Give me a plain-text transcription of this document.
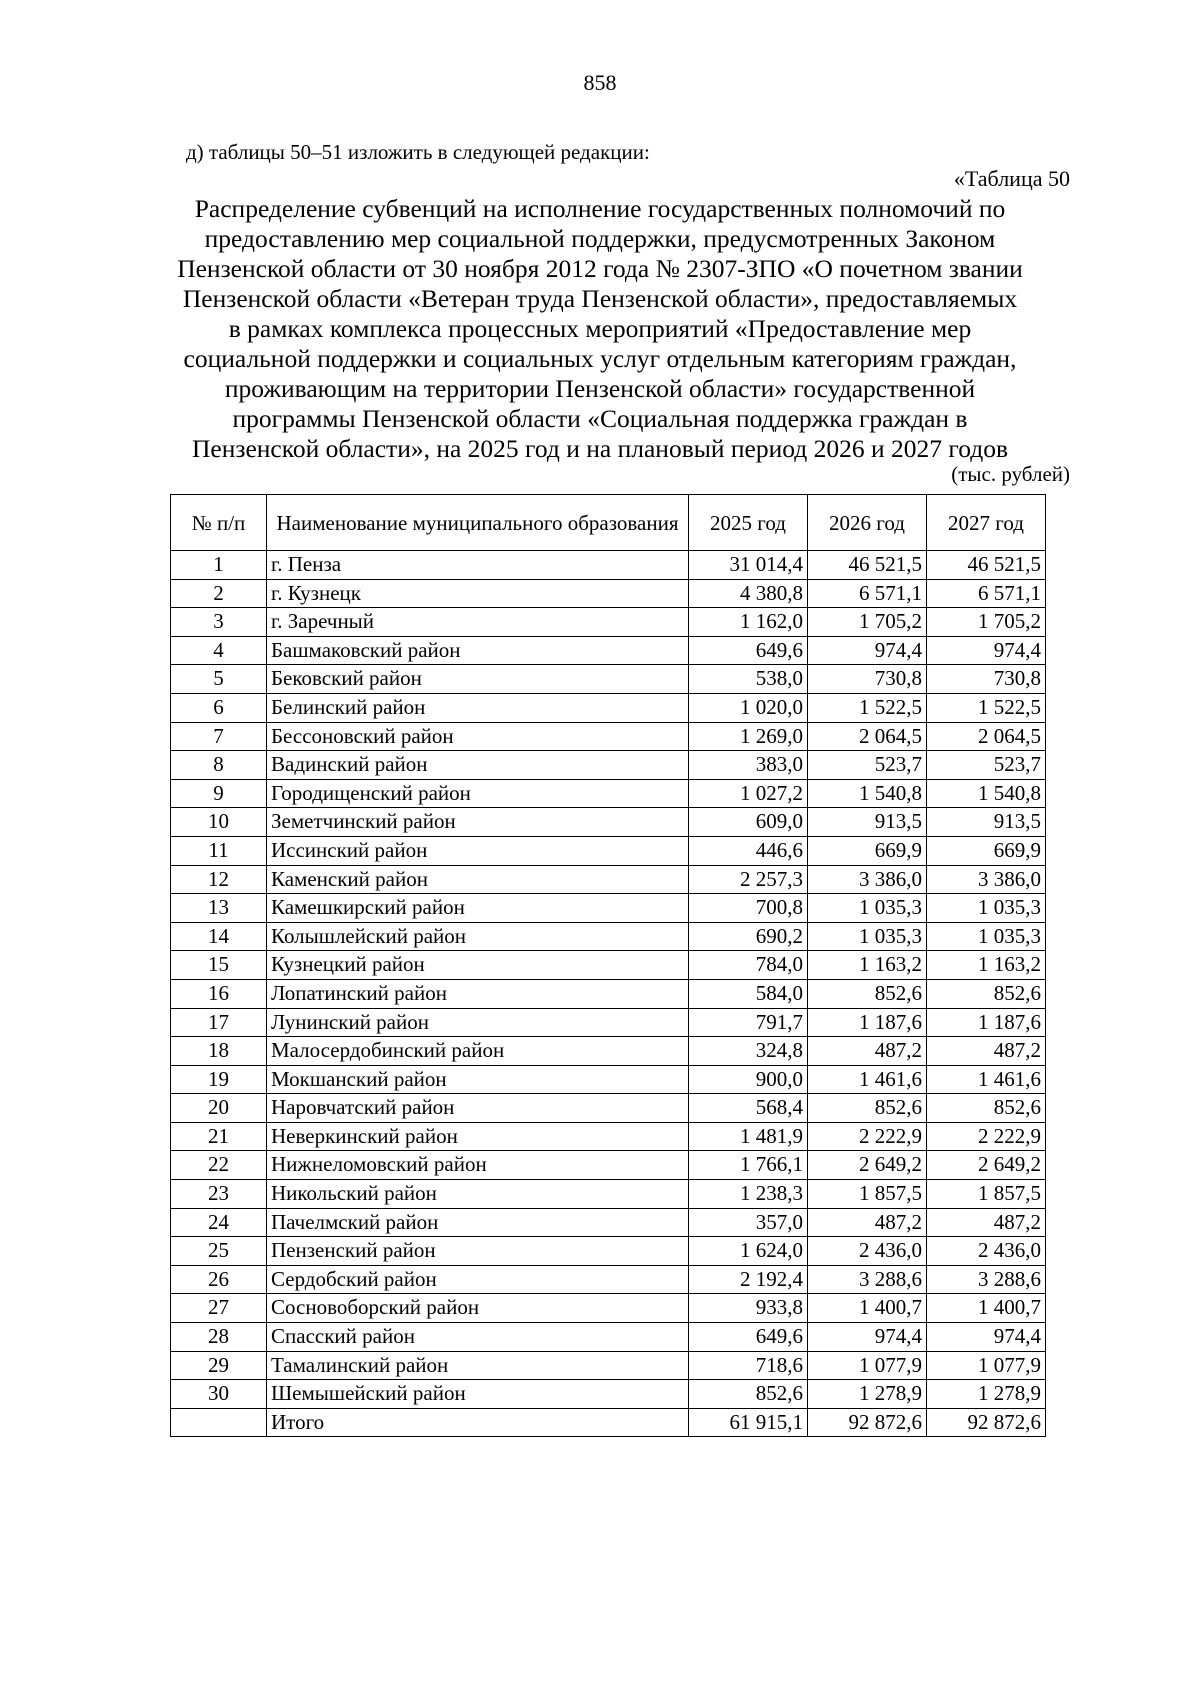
858
д) таблицы 50–51 изложить в следующей редакции:
«Таблица 50
Распределение субвенций на исполнение государственных полномочий по
предоставлению мер социальной поддержки, предусмотренных Законом
Пензенской области от 30 ноября 2012 года № 2307-ЗПО «О почетном звании
Пензенской области «Ветеран труда Пензенской области», предоставляемых
в рамках комплекса процессных мероприятий «Предоставление мер
социальной поддержки и социальных услуг отдельным категориям граждан,
проживающим на территории Пензенской области» государственной
программы Пензенской области «Социальная поддержка граждан в
Пензенской области», на 2025 год и на плановый период 2026 и 2027 годов
(тыс. рублей)
№ п/п	Наименование муниципального образования	2025 год	2026 год	2027 год
1	г. Пенза	31 014,4	46 521,5	46 521,5
2	г. Кузнецк	4 380,8	6 571,1	6 571,1
3	г. Заречный	1 162,0	1 705,2	1 705,2
4	Башмаковский район	649,6	974,4	974,4
5	Бековский район	538,0	730,8	730,8
6	Белинский район	1 020,0	1 522,5	1 522,5
7	Бессоновский район	1 269,0	2 064,5	2 064,5
8	Вадинский район	383,0	523,7	523,7
9	Городищенский район	1 027,2	1 540,8	1 540,8
10	Земетчинский район	609,0	913,5	913,5
11	Иссинский район	446,6	669,9	669,9
12	Каменский район	2 257,3	3 386,0	3 386,0
13	Камешкирский район	700,8	1 035,3	1 035,3
14	Колышлейский район	690,2	1 035,3	1 035,3
15	Кузнецкий район	784,0	1 163,2	1 163,2
16	Лопатинский район	584,0	852,6	852,6
17	Лунинский район	791,7	1 187,6	1 187,6
18	Малосердобинский район	324,8	487,2	487,2
19	Мокшанский район	900,0	1 461,6	1 461,6
20	Наровчатский район	568,4	852,6	852,6
21	Неверкинский район	1 481,9	2 222,9	2 222,9
22	Нижнеломовский район	1 766,1	2 649,2	2 649,2
23	Никольский район	1 238,3	1 857,5	1 857,5
24	Пачелмский район	357,0	487,2	487,2
25	Пензенский район	1 624,0	2 436,0	2 436,0
26	Сердобский район	2 192,4	3 288,6	3 288,6
27	Сосновоборский район	933,8	1 400,7	1 400,7
28	Спасский район	649,6	974,4	974,4
29	Тамалинский район	718,6	1 077,9	1 077,9
30	Шемышейский район	852,6	1 278,9	1 278,9
	Итого	61 915,1	92 872,6	92 872,6
